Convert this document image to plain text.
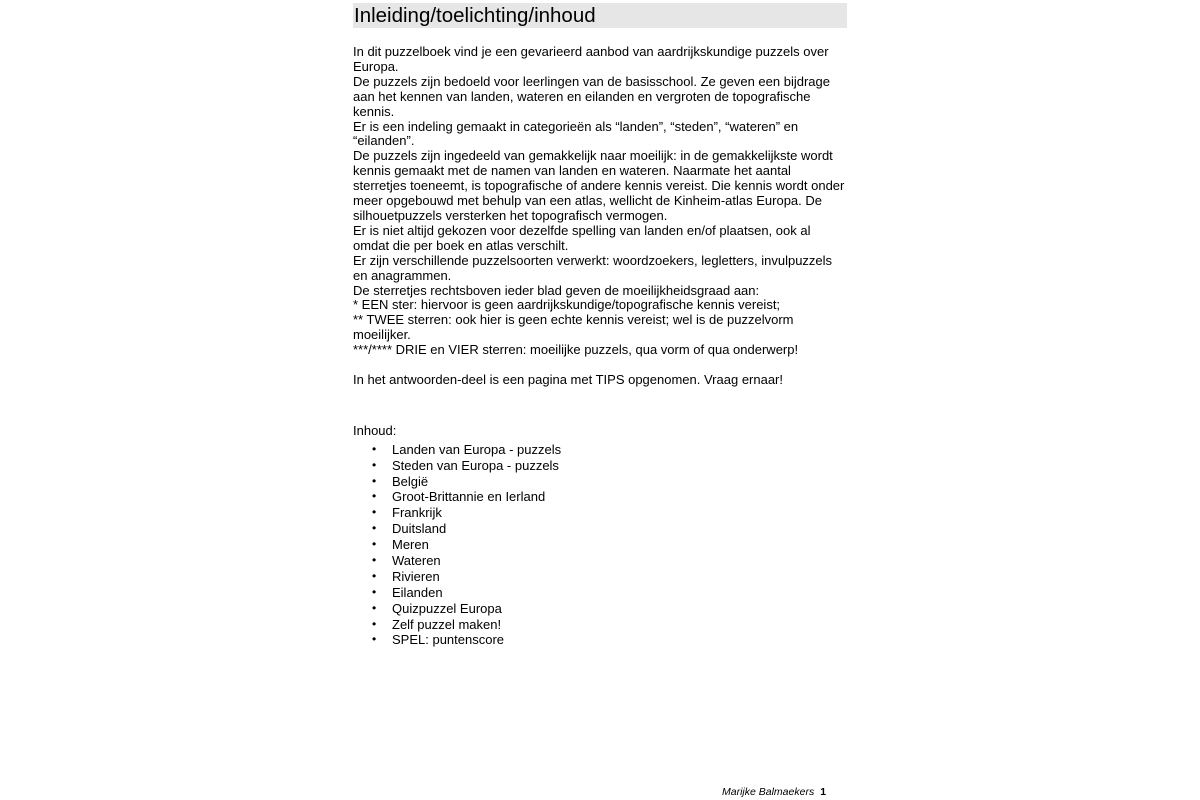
Inleiding/toelichting/inhoud
In dit puzzelboek vind je een gevarieerd aanbod van aardrijkskundige puzzels over
Europa.
De puzzels zijn bedoeld voor leerlingen van de basisschool. Ze geven een bijdrage
aan het kennen van landen, wateren en eilanden en vergroten de topografische
kennis.
Er is een indeling gemaakt in categorieën als “landen”, “steden”, “wateren” en
“eilanden”.
De puzzels zijn ingedeeld van gemakkelijk naar moeilijk: in de gemakkelijkste wordt
kennis gemaakt met de namen van landen en wateren. Naarmate het aantal
sterretjes toeneemt, is topografische of andere kennis vereist. Die kennis wordt onder
meer opgebouwd met behulp van een atlas, wellicht de Kinheim-atlas Europa. De
silhouetpuzzels versterken het topografisch vermogen.
Er is niet altijd gekozen voor dezelfde spelling van landen en/of plaatsen, ook al
omdat die per boek en atlas verschilt.
Er zijn verschillende puzzelsoorten verwerkt: woordzoekers, legletters, invulpuzzels
en anagrammen.
De sterretjes rechtsboven ieder blad geven de moeilijkheidsgraad aan:
* EEN ster: hiervoor is geen aardrijkskundige/topografische kennis vereist;
** TWEE sterren: ook hier is geen echte kennis vereist; wel is de puzzelvorm
moeilijker.
***/**** DRIE en VIER sterren: moeilijke puzzels, qua vorm of qua onderwerp!
In het antwoorden-deel is een pagina met TIPS opgenomen. Vraag ernaar!
Inhoud:
• Landen van Europa - puzzels
• Steden van Europa - puzzels
• België
• Groot-Brittannie en Ierland
• Frankrijk
• Duitsland
• Meren
• Wateren
• Rivieren
• Eilanden
• Quizpuzzel Europa
• Zelf puzzel maken!
• SPEL: puntenscore
Marijke Balmaekers 1
